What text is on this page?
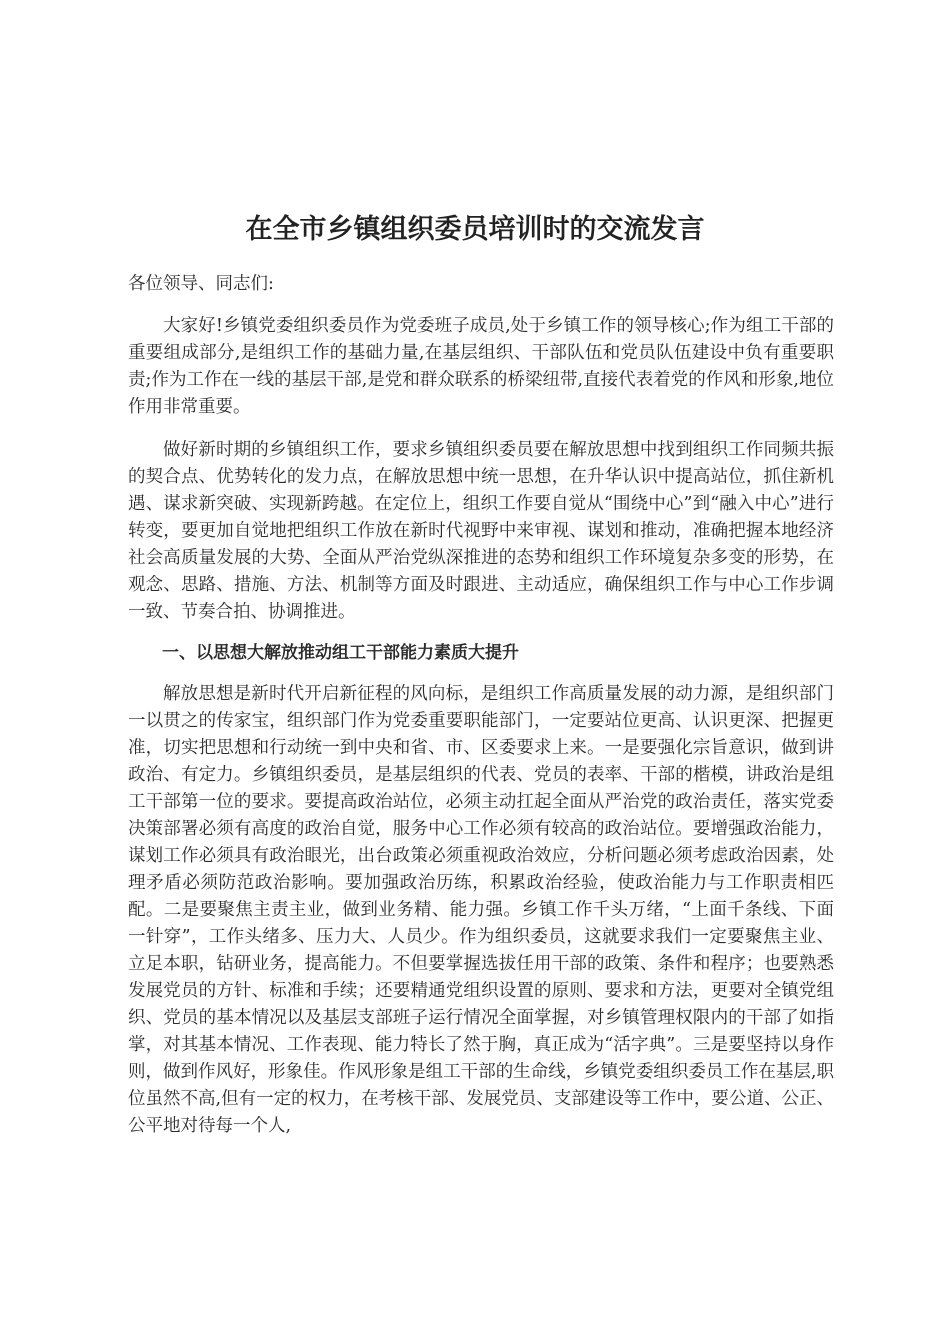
在全市乡镇组织委员培训时的交流发言

各位领导、同志们:

大家好!乡镇党委组织委员作为党委班子成员,处于乡镇工作的领导核心;作为组工干部的重要组成部分,是组织工作的基础力量,在基层组织、干部队伍和党员队伍建设中负有重要职责;作为工作在一线的基层干部,是党和群众联系的桥梁纽带,直接代表着党的作风和形象,地位作用非常重要。

做好新时期的乡镇组织工作，要求乡镇组织委员要在解放思想中找到组织工作同频共振的契合点、优势转化的发力点，在解放思想中统一思想，在升华认识中提高站位，抓住新机遇、谋求新突破、实现新跨越。在定位上，组织工作要自觉从“围绕中心”到“融入中心”进行转变，要更加自觉地把组织工作放在新时代视野中来审视、谋划和推动，准确把握本地经济社会高质量发展的大势、全面从严治党纵深推进的态势和组织工作环境复杂多变的形势，在观念、思路、措施、方法、机制等方面及时跟进、主动适应，确保组织工作与中心工作步调一致、节奏合拍、协调推进。

一、以思想大解放推动组工干部能力素质大提升

解放思想是新时代开启新征程的风向标，是组织工作高质量发展的动力源，是组织部门一以贯之的传家宝，组织部门作为党委重要职能部门，一定要站位更高、认识更深、把握更准，切实把思想和行动统一到中央和省、市、区委要求上来。一是要强化宗旨意识，做到讲政治、有定力。乡镇组织委员，是基层组织的代表、党员的表率、干部的楷模，讲政治是组工干部第一位的要求。要提高政治站位，必须主动扛起全面从严治党的政治责任，落实党委决策部署必须有高度的政治自觉，服务中心工作必须有较高的政治站位。要增强政治能力，谋划工作必须具有政治眼光，出台政策必须重视政治效应，分析问题必须考虑政治因素，处理矛盾必须防范政治影响。要加强政治历练，积累政治经验，使政治能力与工作职责相匹配。二是要聚焦主责主业，做到业务精、能力强。乡镇工作千头万绪，“上面千条线、下面一针穿”，工作头绪多、压力大、人员少。作为组织委员，这就要求我们一定要聚焦主业、立足本职，钻研业务，提高能力。不但要掌握选拔任用干部的政策、条件和程序；也要熟悉发展党员的方针、标准和手续；还要精通党组织设置的原则、要求和方法，更要对全镇党组织、党员的基本情况以及基层支部班子运行情况全面掌握，对乡镇管理权限内的干部了如指掌，对其基本情况、工作表现、能力特长了然于胸，真正成为“活字典”。三是要坚持以身作则，做到作风好，形象佳。作风形象是组工干部的生命线，乡镇党委组织委员工作在基层,职位虽然不高,但有一定的权力，在考核干部、发展党员、支部建设等工作中，要公道、公正、公平地对待每一个人,
